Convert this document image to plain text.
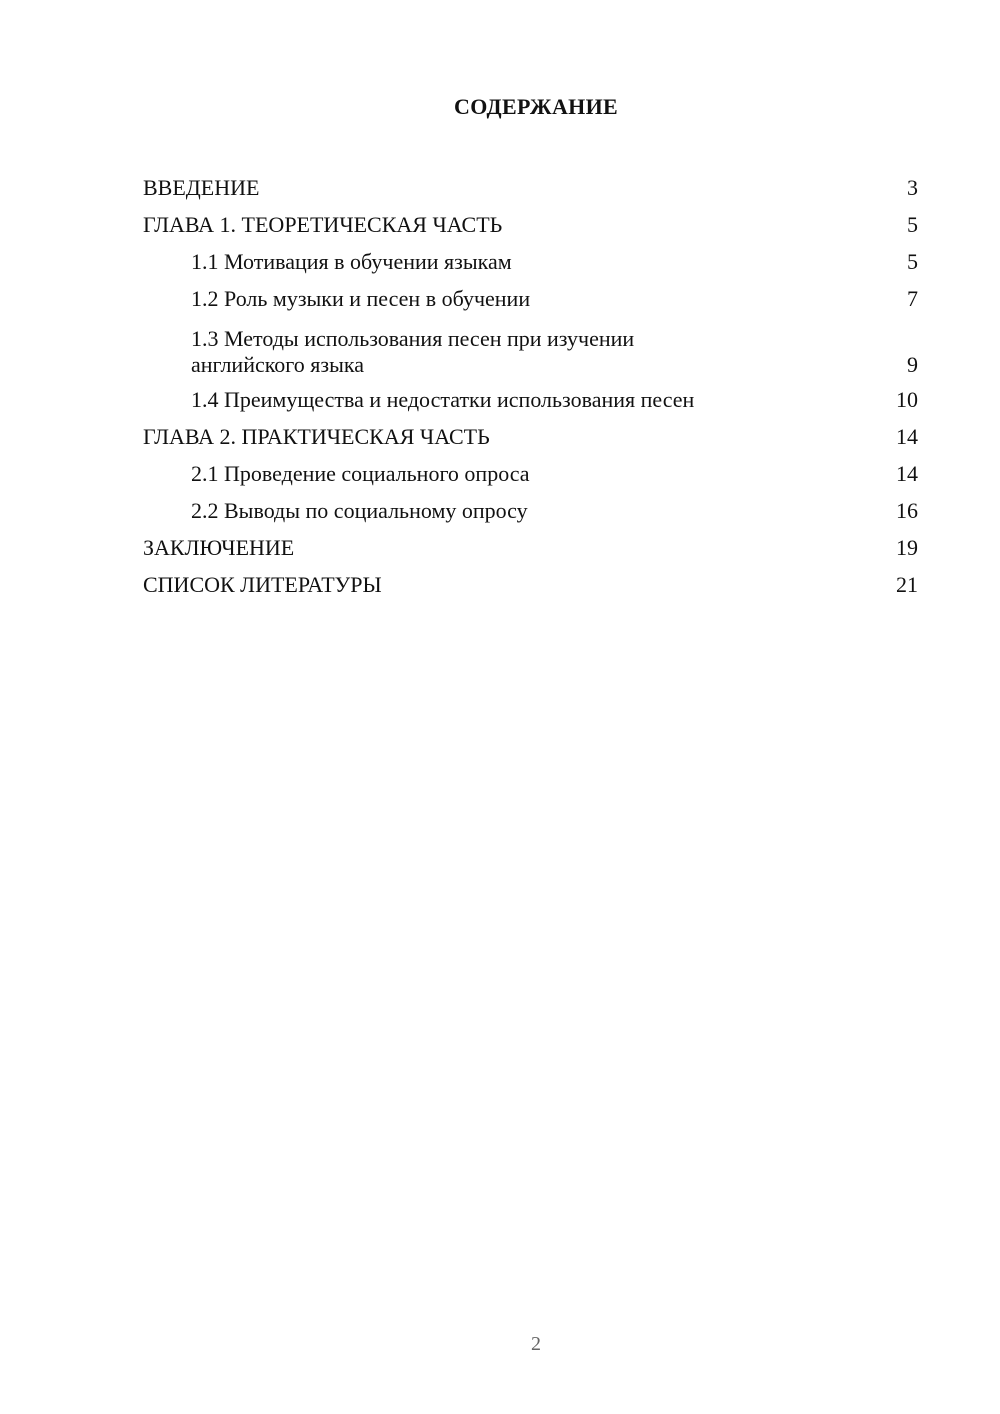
СОДЕРЖАНИЕ
ВВЕДЕНИЕ	3
ГЛАВА 1. ТЕОРЕТИЧЕСКАЯ ЧАСТЬ	5
1.1 Мотивация в обучении языкам	5
1.2 Роль музыки и песен в обучении	7
1.3 Методы использования песен при изучении
английского языка	9
1.4 Преимущества и недостатки использования песен	10
ГЛАВА 2. ПРАКТИЧЕСКАЯ ЧАСТЬ	14
2.1 Проведение социального опроса	14
2.2 Выводы по социальному опросу	16
ЗАКЛЮЧЕНИЕ	19
СПИСОК ЛИТЕРАТУРЫ	21
2
